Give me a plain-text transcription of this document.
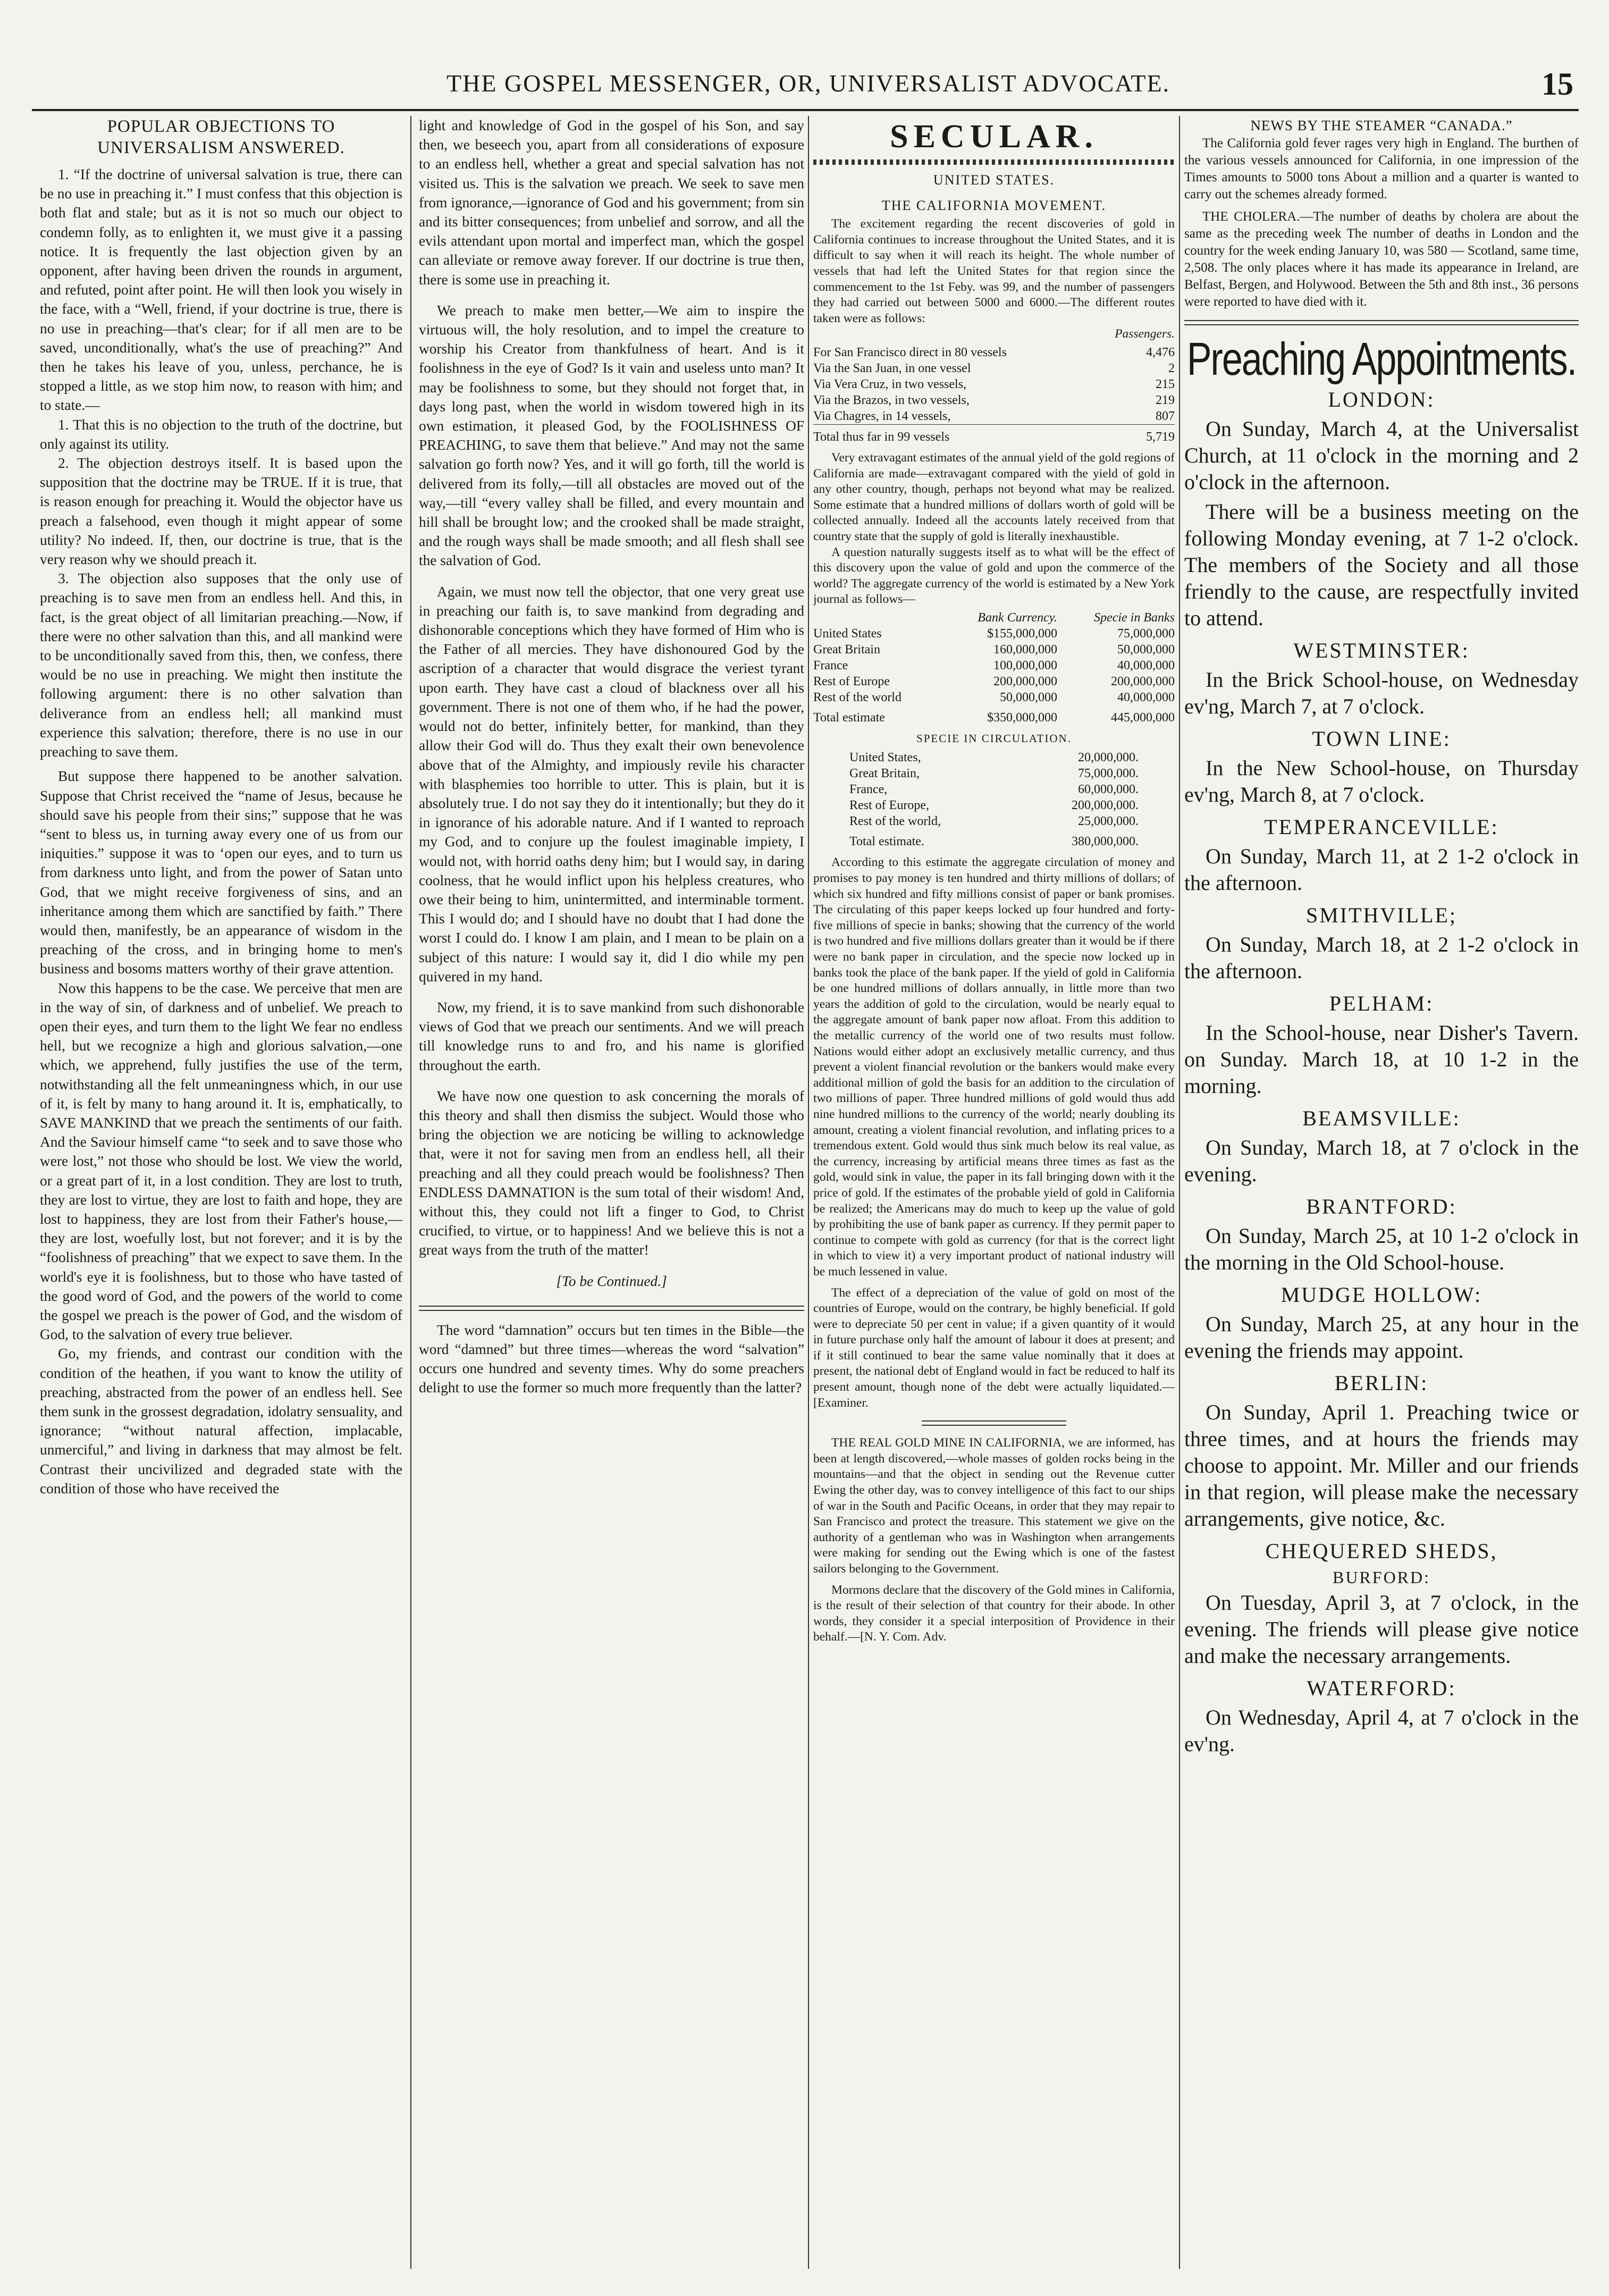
THE GOSPEL MESSENGER, OR, UNIVERSALIST ADVOCATE.	15
POPULAR OBJECTIONS TO UNIVERSALISM ANSWERED.

1. “If the doctrine of universal salvation is true, there can be no use in preaching it.” I must confess that this objection is both flat and stale; but as it is not so much our object to condemn folly, as to enlighten it, we must give it a passing notice. It is frequently the last objection given by an opponent, after having been driven the rounds in argument, and refuted, point after point. He will then look you wisely in the face, with a “Well, friend, if your doctrine is true, there is no use in preaching—that's clear; for if all men are to be saved, unconditionally, what's the use of preaching?” And then he takes his leave of you, unless, perchance, he is stopped a little, as we stop him now, to reason with him; and to state.—

1. That this is no objection to the truth of the doctrine, but only against its utility.

2. The objection destroys itself. It is based upon the supposition that the doctrine may be TRUE. If it is true, that is reason enough for preaching it. Would the objector have us preach a falsehood, even though it might appear of some utility? No indeed. If, then, our doctrine is true, that is the very reason why we should preach it.

3. The objection also supposes that the only use of preaching is to save men from an endless hell. And this, in fact, is the great object of all limitarian preaching.—Now, if there were no other salvation than this, and all mankind were to be unconditionally saved from this, then, we confess, there would be no use in preaching. We might then institute the following argument: there is no other salvation than deliverance from an endless hell; all mankind must experience this salvation; therefore, there is no use in our preaching to save them.

But suppose there happened to be another salvation. Suppose that Christ received the “name of Jesus, because he should save his people from their sins;” suppose that he was “sent to bless us, in turning away every one of us from our iniquities.” suppose it was to ‘open our eyes, and to turn us from darkness unto light, and from the power of Satan unto God, that we might receive forgiveness of sins, and an inheritance among them which are sanctified by faith.” There would then, manifestly, be an appearance of wisdom in the preaching of the cross, and in bringing home to men's business and bosoms matters worthy of their grave attention.

Now this happens to be the case. We perceive that men are in the way of sin, of darkness and of unbelief. We preach to open their eyes, and turn them to the light We fear no endless hell, but we recognize a high and glorious salvation,—one which, we apprehend, fully justifies the use of the term, notwithstanding all the felt unmeaningness which, in our use of it, is felt by many to hang around it. It is, emphatically, to SAVE MANKIND that we preach the sentiments of our faith. And the Saviour himself came “to seek and to save those who were lost,” not those who should be lost. We view the world, or a great part of it, in a lost condition. They are lost to truth, they are lost to virtue, they are lost to faith and hope, they are lost to happiness, they are lost from their Father's house,—they are lost, woefully lost, but not forever; and it is by the “foolishness of preaching” that we expect to save them. In the world's eye it is foolishness, but to those who have tasted of the good word of God, and the powers of the world to come the gospel we preach is the power of God, and the wisdom of God, to the salvation of every true believer.

Go, my friends, and contrast our condition with the condition of the heathen, if you want to know the utility of preaching, abstracted from the power of an endless hell. See them sunk in the grossest degradation, idolatry sensuality, and ignorance; “without natural affection, implacable, unmerciful,” and living in darkness that may almost be felt. Contrast their uncivilized and degraded state with the condition of those who have received the

light and knowledge of God in the gospel of his Son, and say then, we beseech you, apart from all considerations of exposure to an endless hell, whether a great and special salvation has not visited us. This is the salvation we preach. We seek to save men from ignorance,—ignorance of God and his government; from sin and its bitter consequences; from unbelief and sorrow, and all the evils attendant upon mortal and imperfect man, which the gospel can alleviate or remove away forever. If our doctrine is true then, there is some use in preaching it.

We preach to make men better,—We aim to inspire the virtuous will, the holy resolution, and to impel the creature to worship his Creator from thankfulness of heart. And is it foolishness in the eye of God? Is it vain and useless unto man? It may be foolishness to some, but they should not forget that, in days long past, when the world in wisdom towered high in its own estimation, it pleased God, by the FOOLISHNESS OF PREACHING, to save them that believe.” And may not the same salvation go forth now? Yes, and it will go forth, till the world is delivered from its folly,—till all obstacles are moved out of the way,—till “every valley shall be filled, and every mountain and hill shall be brought low; and the crooked shall be made straight, and the rough ways shall be made smooth; and all flesh shall see the salvation of God.

Again, we must now tell the objector, that one very great use in preaching our faith is, to save mankind from degrading and dishonorable conceptions which they have formed of Him who is the Father of all mercies. They have dishonoured God by the ascription of a character that would disgrace the veriest tyrant upon earth. They have cast a cloud of blackness over all his government. There is not one of them who, if he had the power, would not do better, infinitely better, for mankind, than they allow their God will do. Thus they exalt their own benevolence above that of the Almighty, and impiously revile his character with blasphemies too horrible to utter. This is plain, but it is absolutely true. I do not say they do it intentionally; but they do it in ignorance of his adorable nature. And if I wanted to reproach my God, and to conjure up the foulest imaginable impiety, I would not, with horrid oaths deny him; but I would say, in daring coolness, that he would inflict upon his helpless creatures, who owe their being to him, unintermitted, and interminable torment. This I would do; and I should have no doubt that I had done the worst I could do. I know I am plain, and I mean to be plain on a subject of this nature: I would say it, did I dio while my pen quivered in my hand.

Now, my friend, it is to save mankind from such dishonorable views of God that we preach our sentiments. And we will preach till knowledge runs to and fro, and his name is glorified throughout the earth.

We have now one question to ask concerning the morals of this theory and shall then dismiss the subject. Would those who bring the objection we are noticing be willing to acknowledge that, were it not for saving men from an endless hell, all their preaching and all they could preach would be foolishness? Then ENDLESS DAMNATION is the sum total of their wisdom! And, without this, they could not lift a finger to God, to Christ crucified, to virtue, or to happiness! And we believe this is not a great ways from the truth of the matter!

[To be Continued.]

The word “damnation” occurs but ten times in the Bible—the word “damned” but three times—whereas the word “salvation” occurs one hundred and seventy times. Why do some preachers delight to use the former so much more frequently than the latter?

SECULAR.
UNITED STATES.
THE CALIFORNIA MOVEMENT.

The excitement regarding the recent discoveries of gold in California continues to increase throughout the United States, and it is difficult to say when it will reach its height. The whole number of vessels that had left the United States for that region since the commencement to the 1st Feby. was 99, and the number of passengers they had carried out between 5000 and 6000.—The different routes taken were as follows:

Passengers.
For San Francisco direct in 80 vessels	4,476
Via the San Juan, in one vessel	2
Via Vera Cruz, in two vessels,	215
Via the Brazos, in two vessels,	219
Via Chagres, in 14 vessels,	807
Total thus far in 99 vessels	5,719

Very extravagant estimates of the annual yield of the gold regions of California are made—extravagant compared with the yield of gold in any other country, though, perhaps not beyond what may be realized. Some estimate that a hundred millions of dollars worth of gold will be collected annually. Indeed all the accounts lately received from that country state that the supply of gold is literally inexhaustible.

A question naturally suggests itself as to what will be the effect of this discovery upon the value of gold and upon the commerce of the world? The aggregate currency of the world is estimated by a New York journal as follows—

	Bank Currency.	Specie in Banks
United States	$155,000,000	75,000,000
Great Britain	160,000,000	50,000,000
France	100,000,000	40,000,000
Rest of Europe	200,000,000	200,000,000
Rest of the world	50,000,000	40,000,000
Total estimate	$350,000,000	445,000,000
SPECIE IN CIRCULATION.
United States,	20,000,000.
Great Britain,	75,000,000.
France,	60,000,000.
Rest of Europe,	200,000,000.
Rest of the world,	25,000,000.
Total estimate.	380,000,000.

According to this estimate the aggregate circulation of money and promises to pay money is ten hundred and thirty millions of dollars; of which six hundred and fifty millions consist of paper or bank promises. The circulating of this paper keeps locked up four hundred and forty-five millions of specie in banks; showing that the currency of the world is two hundred and five millions dollars greater than it would be if there were no bank paper in circulation, and the specie now locked up in banks took the place of the bank paper. If the yield of gold in California be one hundred millions of dollars annually, in little more than two years the addition of gold to the circulation, would be nearly equal to the aggregate amount of bank paper now afloat. From this addition to the metallic currency of the world one of two results must follow. Nations would either adopt an exclusively metallic currency, and thus prevent a violent financial revolution or the bankers would make every additional million of gold the basis for an addition to the circulation of two millions of paper. Three hundred millions of gold would thus add nine hundred millions to the currency of the world; nearly doubling its amount, creating a violent financial revolution, and inflating prices to a tremendous extent. Gold would thus sink much below its real value, as the currency, increasing by artificial means three times as fast as the gold, would sink in value, the paper in its fall bringing down with it the price of gold. If the estimates of the probable yield of gold in California be realized; the Americans may do much to keep up the value of gold by prohibiting the use of bank paper as currency. If they permit paper to continue to compete with gold as currency (for that is the correct light in which to view it) a very important product of national industry will be much lessened in value.

The effect of a depreciation of the value of gold on most of the countries of Europe, would on the contrary, be highly beneficial. If gold were to depreciate 50 per cent in value; if a given quantity of it would in future purchase only half the amount of labour it does at present; and if it still continued to bear the same value nominally that it does at present, the national debt of England would in fact be reduced to half its present amount, though none of the debt were actually liquidated.—[Examiner.

THE REAL GOLD MINE IN CALIFORNIA, we are informed, has been at length discovered,—whole masses of golden rocks being in the mountains—and that the object in sending out the Revenue cutter Ewing the other day, was to convey intelligence of this fact to our ships of war in the South and Pacific Oceans, in order that they may repair to San Francisco and protect the treasure. This statement we give on the authority of a gentleman who was in Washington when arrangements were making for sending out the Ewing which is one of the fastest sailors belonging to the Government.

Mormons declare that the discovery of the Gold mines in California, is the result of their selection of that country for their abode. In other words, they consider it a special interposition of Providence in their behalf.—[N. Y. Com. Adv.

NEWS BY THE STEAMER “CANADA.”

The California gold fever rages very high in England. The burthen of the various vessels announced for California, in one impression of the Times amounts to 5000 tons About a million and a quarter is wanted to carry out the schemes already formed.

THE CHOLERA.—The number of deaths by cholera are about the same as the preceding week The number of deaths in London and the country for the week ending January 10, was 580 — Scotland, same time, 2,508. The only places where it has made its appearance in Ireland, are Belfast, Bergen, and Holywood. Between the 5th and 8th inst., 36 persons were reported to have died with it.

Preaching Appointments.
LONDON:

On Sunday, March 4, at the Universalist Church, at 11 o'clock in the morning and 2 o'clock in the afternoon.

There will be a business meeting on the following Monday evening, at 7 1-2 o'clock. The members of the Society and all those friendly to the cause, are respectfully invited to attend.

WESTMINSTER:

In the Brick School-house, on Wednesday ev'ng, March 7, at 7 o'clock.

TOWN LINE:

In the New School-house, on Thursday ev'ng, March 8, at 7 o'clock.

TEMPERANCEVILLE:

On Sunday, March 11, at 2 1-2 o'clock in the afternoon.

SMITHVILLE;

On Sunday, March 18, at 2 1-2 o'clock in the afternoon.

PELHAM:

In the School-house, near Disher's Tavern. on Sunday. March 18, at 10 1-2 in the morning.

BEAMSVILLE:

On Sunday, March 18, at 7 o'clock in the evening.

BRANTFORD:

On Sunday, March 25, at 10 1-2 o'clock in the morning in the Old School-house.

MUDGE HOLLOW:

On Sunday, March 25, at any hour in the evening the friends may appoint.

BERLIN:

On Sunday, April 1. Preaching twice or three times, and at hours the friends may choose to appoint. Mr. Miller and our friends in that region, will please make the necessary arrangements, give notice, &c.

CHEQUERED SHEDS,
BURFORD:

On Tuesday, April 3, at 7 o'clock, in the evening. The friends will please give notice and make the necessary arrangements.

WATERFORD:

On Wednesday, April 4, at 7 o'clock in the ev'ng.
